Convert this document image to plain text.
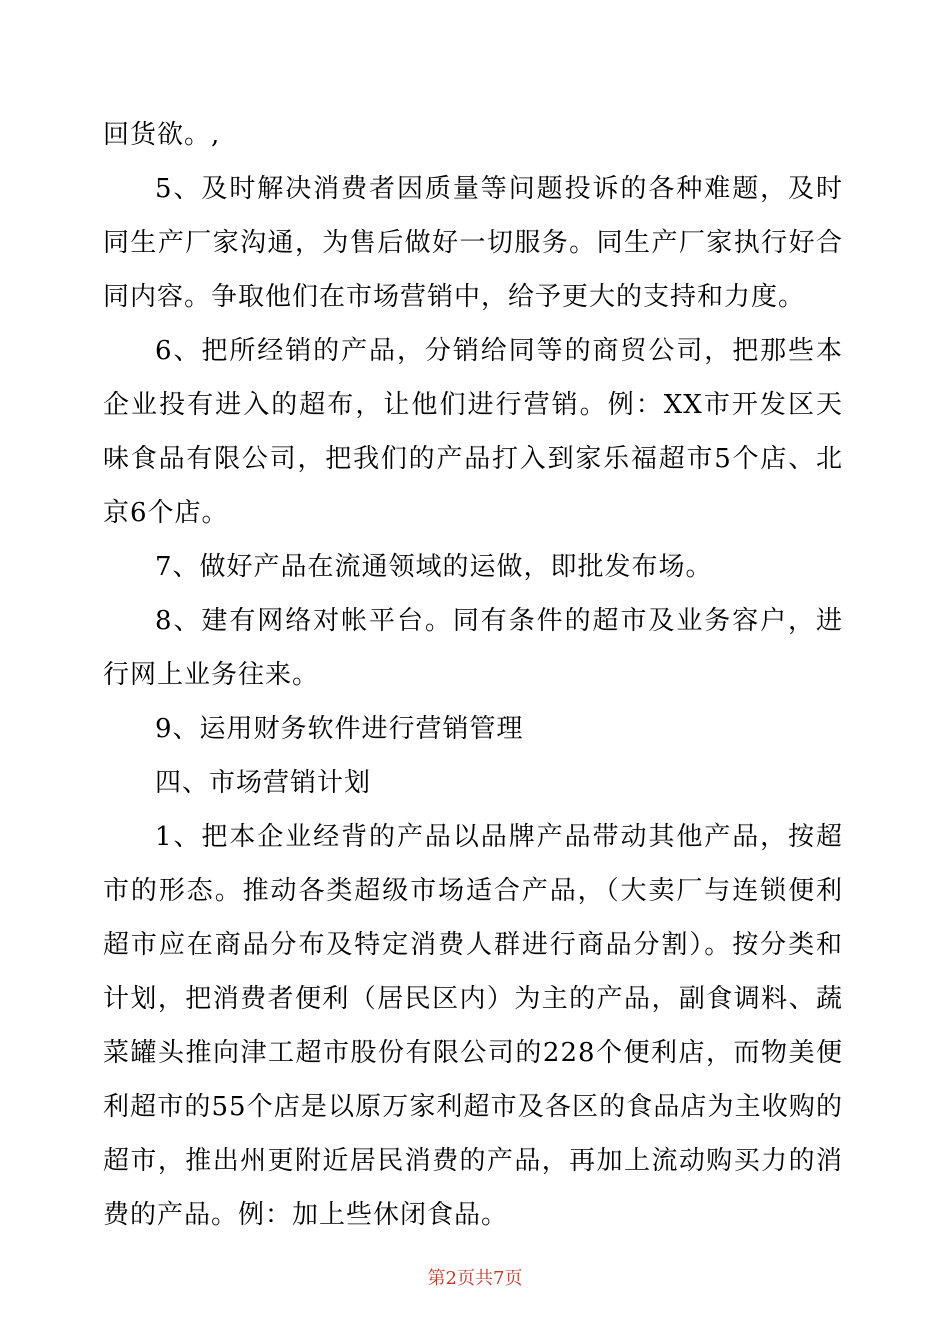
回货欲。,

5、及时解决消费者因质量等问题投诉的各种难题，及时同生产厂家沟通，为售后做好一切服务。同生产厂家执行好合同内容。争取他们在市场营销中，给予更大的支持和力度。

6、把所经销的产品，分销给同等的商贸公司，把那些本企业投有进入的超布，让他们进行营销。例：XX市开发区天味食品有限公司，把我们的产品打入到家乐福超市5个店、北京6个店。

7、做好产品在流通领域的运做，即批发布场。

8、建有网络对帐平台。同有条件的超市及业务容户，进行网上业务往来。

9、运用财务软件进行营销管理

四、市场营销计划

1、把本企业经背的产品以品牌产品带动其他产品，按超市的形态。推动各类超级市场适合产品，（大卖厂与连锁便利超市应在商品分布及特定消费人群进行商品分割）。按分类和计划，把消费者便利（居民区内）为主的产品，副食调料、蔬菜罐头推向津工超市股份有限公司的228个便利店，而物美便利超市的55个店是以原万家利超市及各区的食品店为主收购的超市，推出州更附近居民消费的产品，再加上流动购买力的消费的产品。例：加上些休闭食品。

第2页共7页
